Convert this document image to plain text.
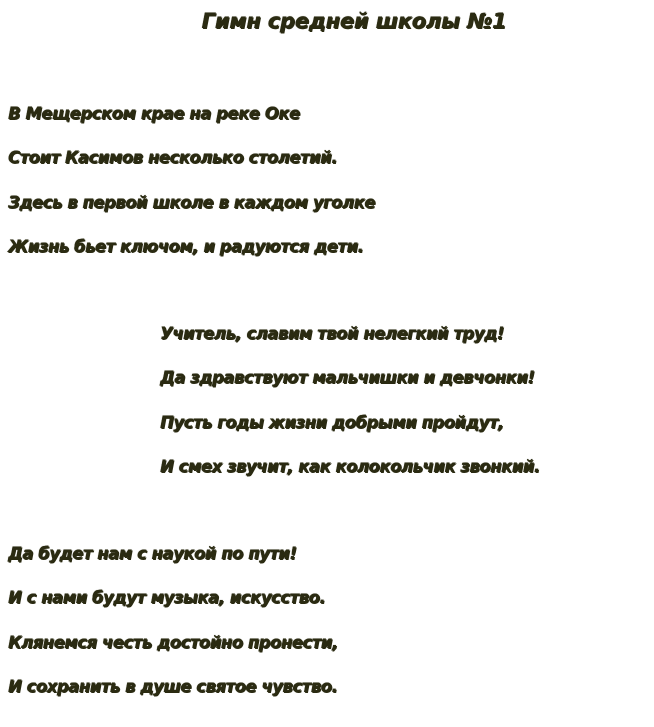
Гимн средней школы №1
В Мещерском крае на реке Оке
Стоит Касимов несколько столетий.
Здесь в первой школе в каждом уголке
Жизнь бьет ключом, и радуются дети.
Учитель, славим твой нелегкий труд!
Да здравствуют мальчишки и девчонки!
Пусть годы жизни добрыми пройдут,
И смех звучит, как колокольчик звонкий.
Да будет нам с наукой по пути!
И с нами будут музыка, искусство.
Клянемся честь достойно пронести,
И сохранить в душе святое чувство.
